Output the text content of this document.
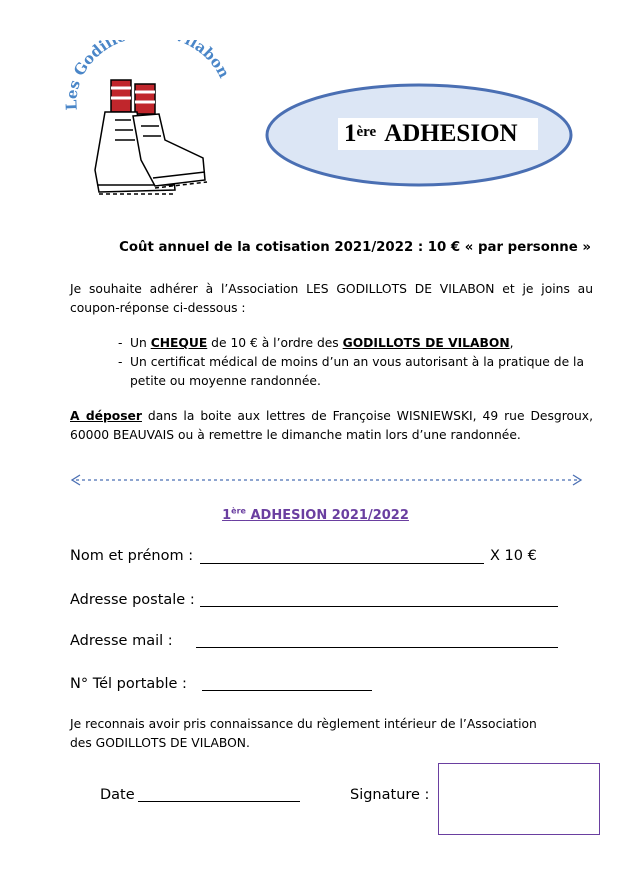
Les Godil labon
1ère ADHESION
Coût annuel de la cotisation 2021/2022 : 10 € « par personne »
Je souhaite adhérer à l’Association LES GODILLOTS DE VILABON et je joins au coupon-réponse ci-dessous :
- Un CHEQUE de 10 € à l’ordre des GODILLOTS DE VILABON,
- Un certificat médical de moins d’un an vous autorisant à la pratique de la petite ou moyenne randonnée.
A déposer dans la boite aux lettres de Françoise WISNIEWSKI, 49 rue Desgroux, 60000 BEAUVAIS ou à remettre le dimanche matin lors d’une randonnée.
1ère ADHESION 2021/2022
Nom et prénom :	X 10 €
Adresse postale :
Adresse mail :
N° Tél portable :
Je reconnais avoir pris connaissance du règlement intérieur de l’Association des GODILLOTS DE VILABON.
Date	Signature :
